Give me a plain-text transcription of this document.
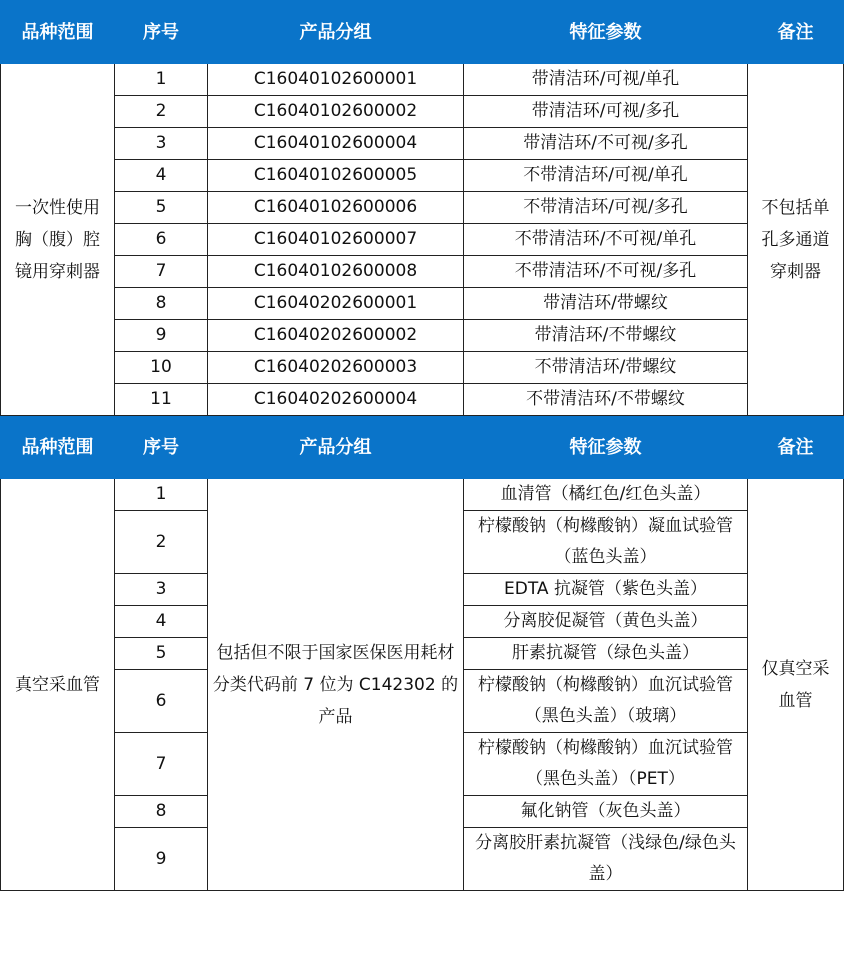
品种范围	序号	产品分组	特征参数	备注

一次性使用胸（腹）腔镜用穿刺器	1	C16040102600001	带清洁环/可视/单孔	不包括单孔多通道穿刺器

	2	C16040102600002	带清洁环/可视/多孔	
	3	C16040102600004	带清洁环/不可视/多孔	
	4	C16040102600005	不带清洁环/可视/单孔	
	5	C16040102600006	不带清洁环/可视/多孔	
	6	C16040102600007	不带清洁环/不可视/单孔	
	7	C16040102600008	不带清洁环/不可视/多孔	
	8	C16040202600001	带清洁环/带螺纹	
	9	C16040202600002	带清洁环/不带螺纹	
	10	C16040202600003	不带清洁环/带螺纹	
	11	C16040202600004	不带清洁环/不带螺纹	
品种范围	序号	产品分组	特征参数	备注

真空采血管	1	包括但不限于国家医保医用耗材分类代码前 7 位为 C142302 的产品	血清管（橘红色/红色头盖）	仅真空采血管

	2		柠檬酸钠（枸橼酸钠）凝血试验管（蓝色头盖）	
	3		EDTA 抗凝管（紫色头盖）	
	4		分离胶促凝管（黄色头盖）	
	5		肝素抗凝管（绿色头盖）	
	6		柠檬酸钠（枸橼酸钠）血沉试验管（黑色头盖）（玻璃）	
	7		柠檬酸钠（枸橼酸钠）血沉试验管（黑色头盖）（PET）	
	8		氟化钠管（灰色头盖）	
	9		分离胶肝素抗凝管（浅绿色/绿色头盖）	
